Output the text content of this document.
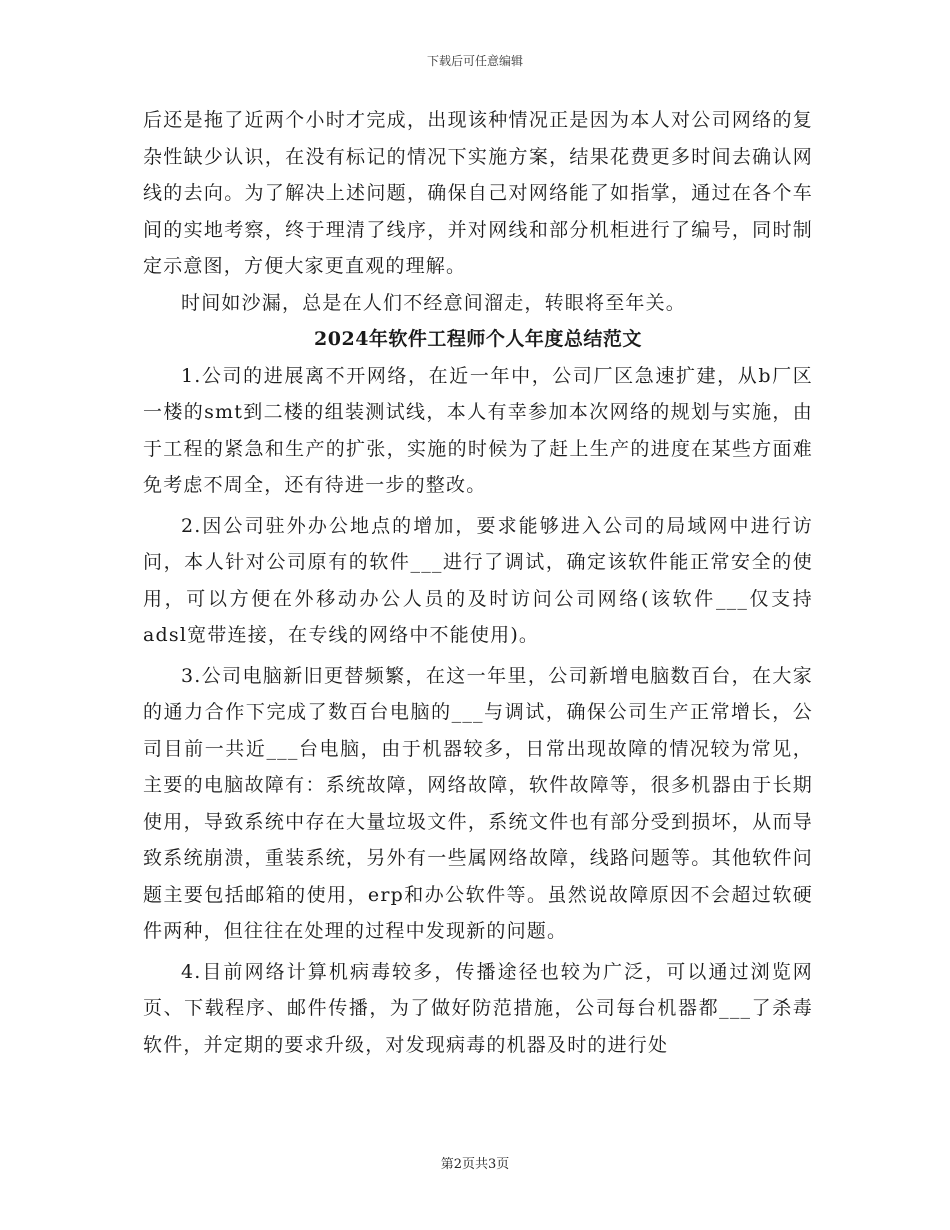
下载后可任意编辑

后还是拖了近两个小时才完成，出现该种情况正是因为本人对公司网络的复杂性缺少认识，在没有标记的情况下实施方案，结果花费更多时间去确认网线的去向。为了解决上述问题，确保自己对网络能了如指掌，通过在各个车间的实地考察，终于理清了线序，并对网线和部分机柜进行了编号，同时制定示意图，方便大家更直观的理解。

时间如沙漏，总是在人们不经意间溜走，转眼将至年关。

2024年软件工程师个人年度总结范文

1.公司的进展离不开网络，在近一年中，公司厂区急速扩建，从b厂区一楼的smt到二楼的组装测试线，本人有幸参加本次网络的规划与实施，由于工程的紧急和生产的扩张，实施的时候为了赶上生产的进度在某些方面难免考虑不周全，还有待进一步的整改。

2.因公司驻外办公地点的增加，要求能够进入公司的局域网中进行访问，本人针对公司原有的软件___进行了调试，确定该软件能正常安全的使用，可以方便在外移动办公人员的及时访问公司网络(该软件___仅支持adsl宽带连接，在专线的网络中不能使用)。

3.公司电脑新旧更替频繁，在这一年里，公司新增电脑数百台，在大家的通力合作下完成了数百台电脑的___与调试，确保公司生产正常增长，公司目前一共近___台电脑，由于机器较多，日常出现故障的情况较为常见，主要的电脑故障有：系统故障，网络故障，软件故障等，很多机器由于长期使用，导致系统中存在大量垃圾文件，系统文件也有部分受到损坏，从而导致系统崩溃，重装系统，另外有一些属网络故障，线路问题等。其他软件问题主要包括邮箱的使用，erp和办公软件等。虽然说故障原因不会超过软硬件两种，但往往在处理的过程中发现新的问题。

4.目前网络计算机病毒较多，传播途径也较为广泛，可以通过浏览网页、下载程序、邮件传播，为了做好防范措施，公司每台机器都___了杀毒软件，并定期的要求升级，对发现病毒的机器及时的进行处

第2页共3页
